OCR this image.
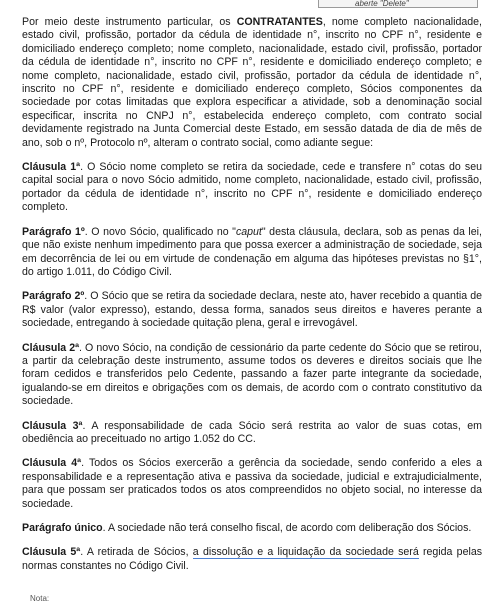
aberte "Delete"

Por meio deste instrumento particular, os CONTRATANTES, nome completo nacionalidade, estado civil, profissão, portador da cédula de identidade n°, inscrito no CPF n°, residente e domiciliado endereço completo; nome completo, nacionalidade, estado civil, profissão, portador da cédula de identidade n°, inscrito no CPF n°, residente e domiciliado endereço completo; e nome completo, nacionalidade, estado civil, profissão, portador da cédula de identidade n°, inscrito no CPF n°, residente e domiciliado endereço completo, Sócios componentes da sociedade por cotas limitadas que explora especificar a atividade, sob a denominação social especificar, inscrita no CNPJ n°, estabelecida endereço completo, com contrato social devidamente registrado na Junta Comercial deste Estado, em sessão datada de dia de mês de ano, sob o nº, Protocolo nº, alteram o contrato social, como adiante segue:

Cláusula 1ª. O Sócio nome completo se retira da sociedade, cede e transfere n° cotas do seu capital social para o novo Sócio admitido, nome completo, nacionalidade, estado civil, profissão, portador da cédula de identidade n°, inscrito no CPF n°, residente e domiciliado endereço completo.

Parágrafo 1º. O novo Sócio, qualificado no "caput" desta cláusula, declara, sob as penas da lei, que não existe nenhum impedimento para que possa exercer a administração de sociedade, seja em decorrência de lei ou em virtude de condenação em alguma das hipóteses previstas no §1°, do artigo 1.011, do Código Civil.

Parágrafo 2º. O Sócio que se retira da sociedade declara, neste ato, haver recebido a quantia de R$ valor (valor expresso), estando, dessa forma, sanados seus direitos e haveres perante a sociedade, entregando à sociedade quitação plena, geral e irrevogável.

Cláusula 2ª. O novo Sócio, na condição de cessionário da parte cedente do Sócio que se retirou, a partir da celebração deste instrumento, assume todos os deveres e direitos sociais que lhe foram cedidos e transferidos pelo Cedente, passando a fazer parte integrante da sociedade, igualando-se em direitos e obrigações com os demais, de acordo com o contrato constitutivo da sociedade.

Cláusula 3ª. A responsabilidade de cada Sócio será restrita ao valor de suas cotas, em obediência ao preceituado no artigo 1.052 do CC.

Cláusula 4ª. Todos os Sócios exercerão a gerência da sociedade, sendo conferido a eles a responsabilidade e a representação ativa e passiva da sociedade, judicial e extrajudicialmente, para que possam ser praticados todos os atos compreendidos no objeto social, no interesse da sociedade.

Parágrafo único. A sociedade não terá conselho fiscal, de acordo com deliberação dos Sócios.

Cláusula 5ª. A retirada de Sócios, a dissolução e a liquidação da sociedade será regida pelas normas constantes no Código Civil.

Nota:
